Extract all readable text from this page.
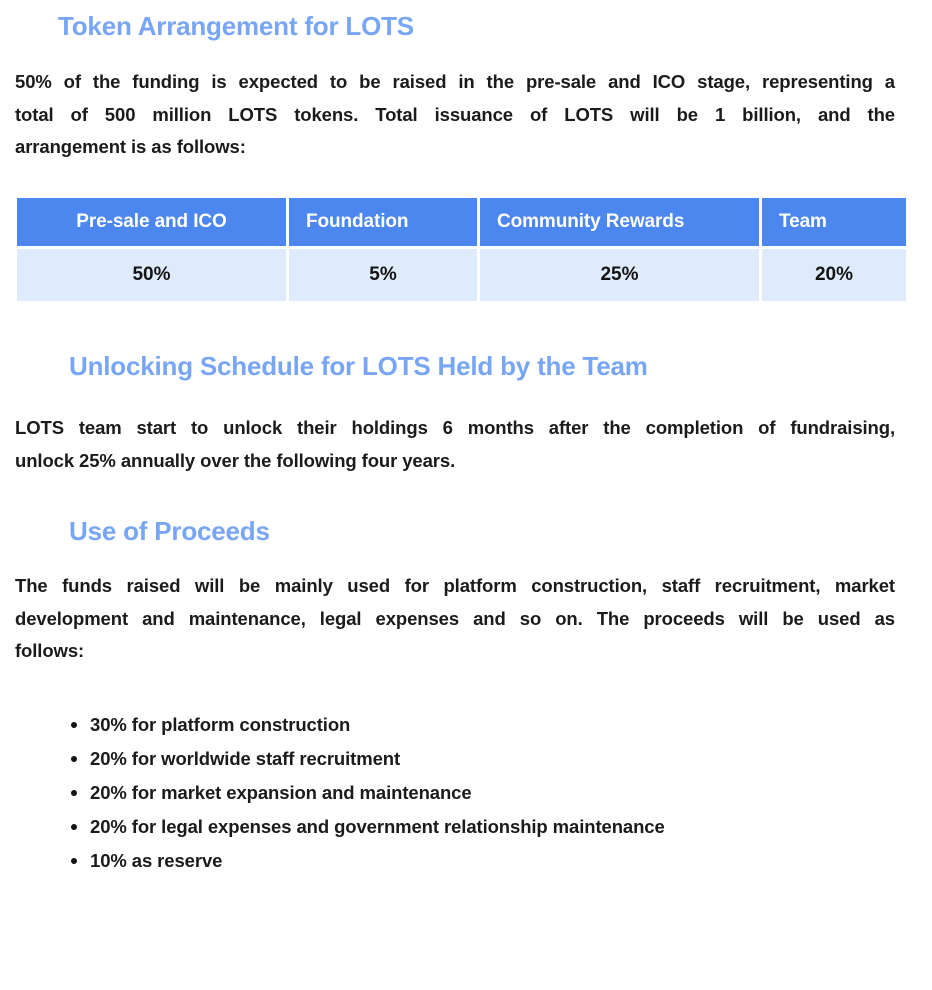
Token Arrangement for LOTS
50% of the funding is expected to be raised in the pre-sale and ICO stage, representing a
total of 500 million LOTS tokens. Total issuance of LOTS will be 1 billion, and the
arrangement is as follows:
Pre-sale and ICO	Foundation	Community Rewards	Team
50%	5%	25%	20%
Unlocking Schedule for LOTS Held by the Team
LOTS team start to unlock their holdings 6 months after the completion of fundraising,
unlock 25% annually over the following four years.
Use of Proceeds
The funds raised will be mainly used for platform construction, staff recruitment, market
development and maintenance, legal expenses and so on. The proceeds will be used as
follows:
30% for platform construction
20% for worldwide staff recruitment
20% for market expansion and maintenance
20% for legal expenses and government relationship maintenance
10% as reserve
